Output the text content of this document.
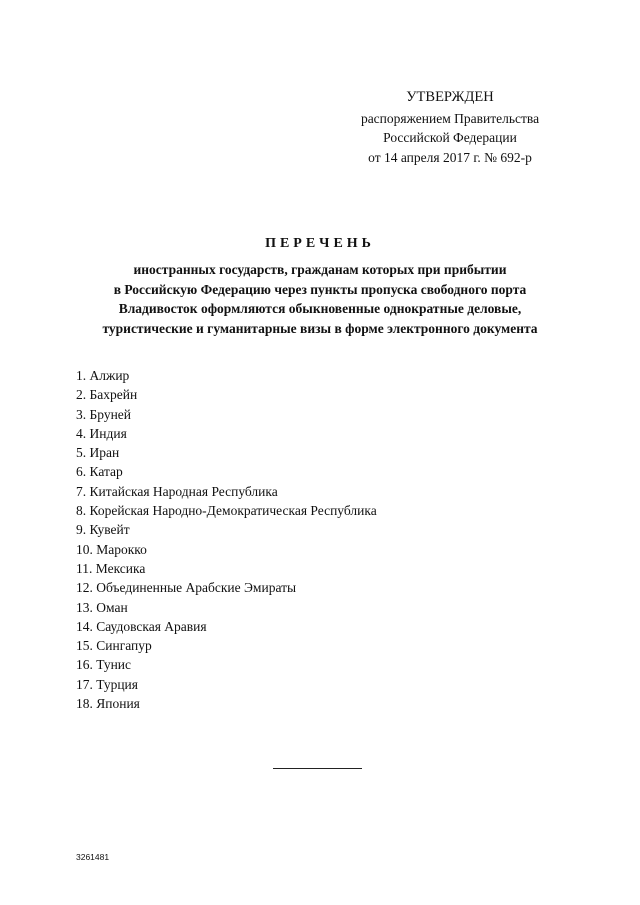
УТВЕРЖДЕН
распоряжением Правительства
Российской Федерации
от 14 апреля 2017 г. № 692-р
ПЕРЕЧЕНЬ
иностранных государств, гражданам которых при прибытии
в Российскую Федерацию через пункты пропуска свободного порта
Владивосток оформляются обыкновенные однократные деловые,
туристические и гуманитарные визы в форме электронного документа
1. Алжир
2. Бахрейн
3. Бруней
4. Индия
5. Иран
6. Катар
7. Китайская Народная Республика
8. Корейская Народно-Демократическая Республика
9. Кувейт
10. Марокко
11. Мексика
12. Объединенные Арабские Эмираты
13. Оман
14. Саудовская Аравия
15. Сингапур
16. Тунис
17. Турция
18. Япония
3261481
